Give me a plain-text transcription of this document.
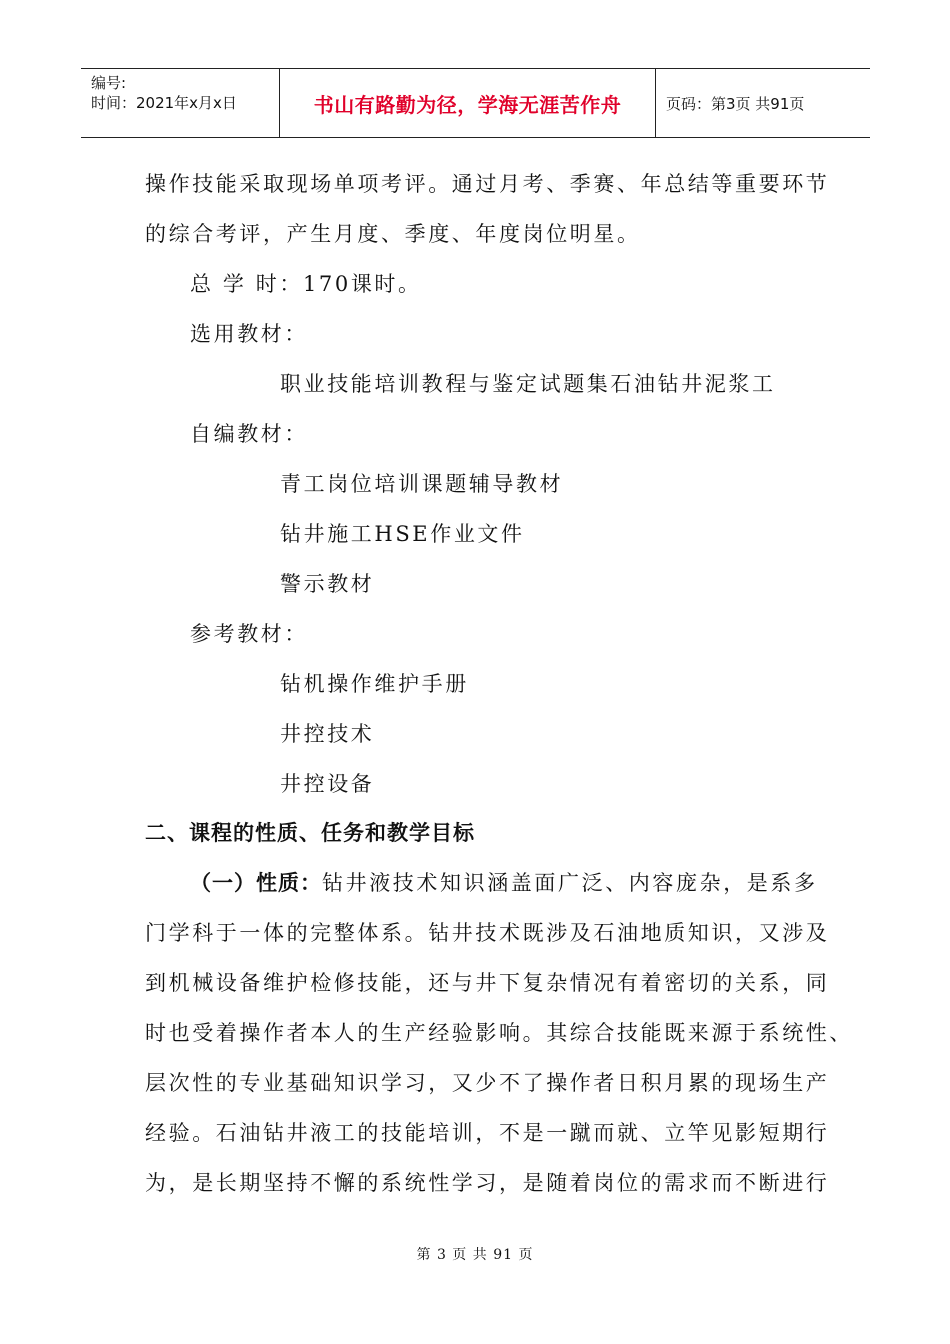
编号:
时间：2021年x月x日	书山有路勤为径，学海无涯苦作舟	页码：第3页 共91页
操作技能采取现场单项考评。通过月考、季赛、年总结等重要环节
的综合考评，产生月度、季度、年度岗位明星。
总 学 时：170课时。
选用教材：
职业技能培训教程与鉴定试题集石油钻井泥浆工
自编教材：
青工岗位培训课题辅导教材
钻井施工HSE作业文件
警示教材
参考教材：
钻机操作维护手册
井控技术
井控设备
二、课程的性质、任务和教学目标
（一）性质：钻井液技术知识涵盖面广泛、内容庞杂，是系多
门学科于一体的完整体系。钻井技术既涉及石油地质知识，又涉及
到机械设备维护检修技能，还与井下复杂情况有着密切的关系，同
时也受着操作者本人的生产经验影响。其综合技能既来源于系统性、
层次性的专业基础知识学习，又少不了操作者日积月累的现场生产
经验。石油钻井液工的技能培训，不是一蹴而就、立竿见影短期行
为，是长期坚持不懈的系统性学习，是随着岗位的需求而不断进行
第 3 页 共 91 页
